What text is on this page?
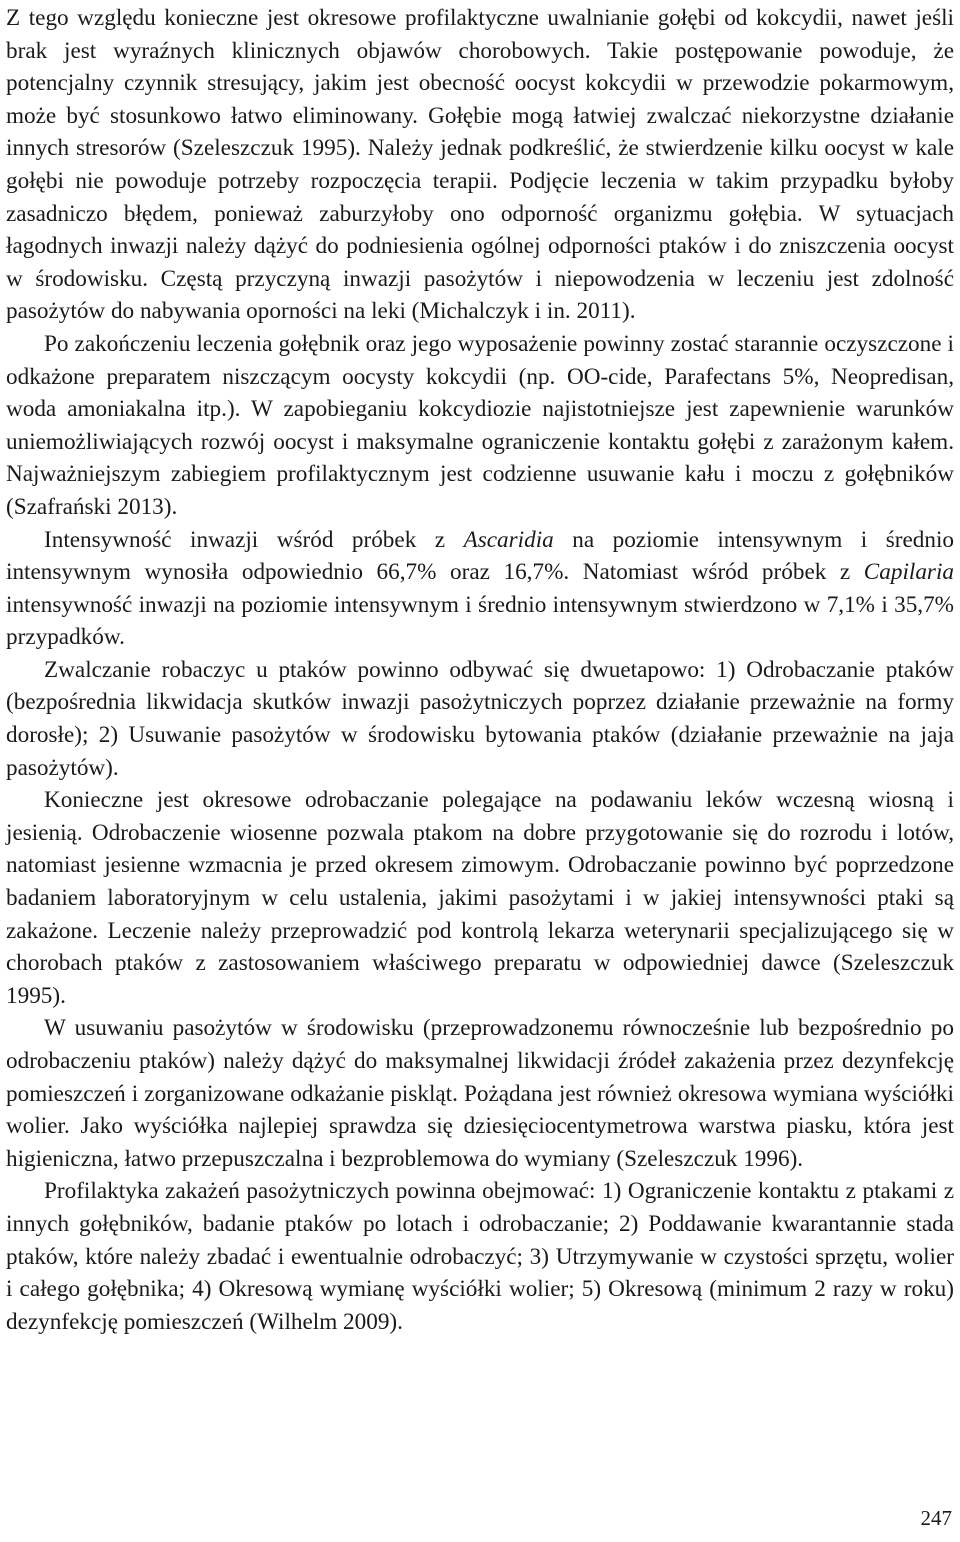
Z tego względu konieczne jest okresowe profilaktyczne uwalnianie gołębi od kokcydii, nawet jeśli brak jest wyraźnych klinicznych objawów chorobowych. Takie postępowanie powoduje, że potencjalny czynnik stresujący, jakim jest obecność oocyst kokcydii w przewodzie pokarmowym, może być stosunkowo łatwo eliminowany. Gołębie mogą łatwiej zwalczać niekorzystne działanie innych stresorów (Szeleszczuk 1995). Należy jednak podkreślić, że stwierdzenie kilku oocyst w kale gołębi nie powoduje potrzeby rozpoczęcia terapii. Podjęcie leczenia w takim przypadku byłoby zasadniczo błędem, ponieważ zaburzyłoby ono odporność organizmu gołębia. W sytuacjach łagodnych inwazji należy dążyć do podniesienia ogólnej odporności ptaków i do zniszczenia oocyst w środowisku. Częstą przyczyną inwazji pasożytów i niepowodzenia w leczeniu jest zdolność pasożytów do nabywania oporności na leki (Michalczyk i in. 2011).

Po zakończeniu leczenia gołębnik oraz jego wyposażenie powinny zostać starannie oczyszczone i odkażone preparatem niszczącym oocysty kokcydii (np. OO-cide, Parafectans 5%, Neopredisan, woda amoniakalna itp.). W zapobieganiu kokcydiozie najistotniejsze jest zapewnienie warunków uniemożliwiających rozwój oocyst i maksymalne ograniczenie kontaktu gołębi z zarażonym kałem. Najważniejszym zabiegiem profilaktycznym jest codzienne usuwanie kału i moczu z gołębników (Szafrański 2013).

Intensywność inwazji wśród próbek z Ascaridia na poziomie intensywnym i średnio intensywnym wynosiła odpowiednio 66,7% oraz 16,7%. Natomiast wśród próbek z Capilaria intensywność inwazji na poziomie intensywnym i średnio intensywnym stwierdzono w 7,1% i 35,7% przypadków.

Zwalczanie robaczyc u ptaków powinno odbywać się dwuetapowo: 1) Odrobaczanie ptaków (bezpośrednia likwidacja skutków inwazji pasożytniczych poprzez działanie przeważnie na formy dorosłe); 2) Usuwanie pasożytów w środowisku bytowania ptaków (działanie przeważnie na jaja pasożytów).

Konieczne jest okresowe odrobaczanie polegające na podawaniu leków wczesną wiosną i jesienią. Odrobaczenie wiosenne pozwala ptakom na dobre przygotowanie się do rozrodu i lotów, natomiast jesienne wzmacnia je przed okresem zimowym. Odrobaczanie powinno być poprzedzone badaniem laboratoryjnym w celu ustalenia, jakimi pasożytami i w jakiej intensywności ptaki są zakażone. Leczenie należy przeprowadzić pod kontrolą lekarza weterynarii specjalizującego się w chorobach ptaków z zastosowaniem właściwego preparatu w odpowiedniej dawce (Szeleszczuk 1995).

W usuwaniu pasożytów w środowisku (przeprowadzonemu równocześnie lub bezpośrednio po odrobaczeniu ptaków) należy dążyć do maksymalnej likwidacji źródeł zakażenia przez dezynfekcję pomieszczeń i zorganizowane odkażanie piskląt. Pożądana jest również okresowa wymiana wyściółki wolier. Jako wyściółka najlepiej sprawdza się dziesięciocentymetrowa warstwa piasku, która jest higieniczna, łatwo przepuszczalna i bezproblemowa do wymiany (Szeleszczuk 1996).

Profilaktyka zakażeń pasożytniczych powinna obejmować: 1) Ograniczenie kontaktu z ptakami z innych gołębników, badanie ptaków po lotach i odrobaczanie; 2) Poddawanie kwarantannie stada ptaków, które należy zbadać i ewentualnie odrobaczyć; 3) Utrzymywanie w czystości sprzętu, wolier i całego gołębnika; 4) Okresową wymianę wyściółki wolier; 5) Okresową (minimum 2 razy w roku) dezynfekcję pomieszczeń (Wilhelm 2009).

247
